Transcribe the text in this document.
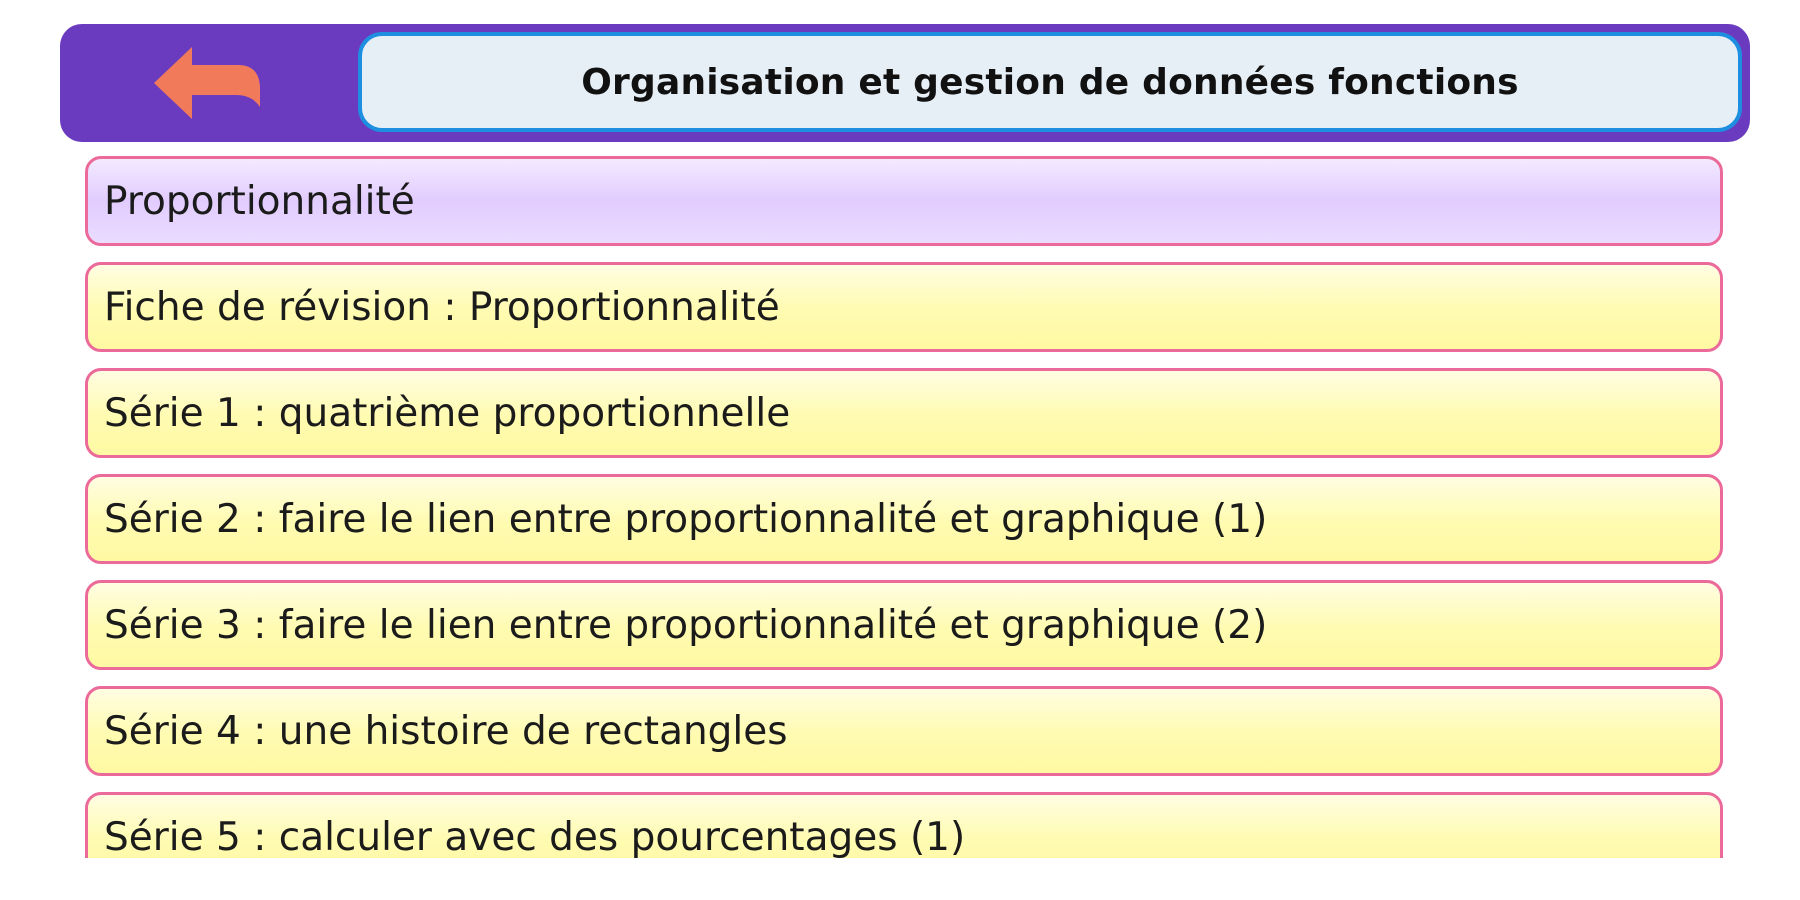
Proportionnalité
Fiche de révision : Proportionnalité
Série 1 : quatrième proportionnelle
Série 2 : faire le lien entre proportionnalité et graphique (1)
Série 3 : faire le lien entre proportionnalité et graphique (2)
Série 4 : une histoire de rectangles
Série 5 : calculer avec des pourcentages (1)
Organisation et gestion de données fonctions
